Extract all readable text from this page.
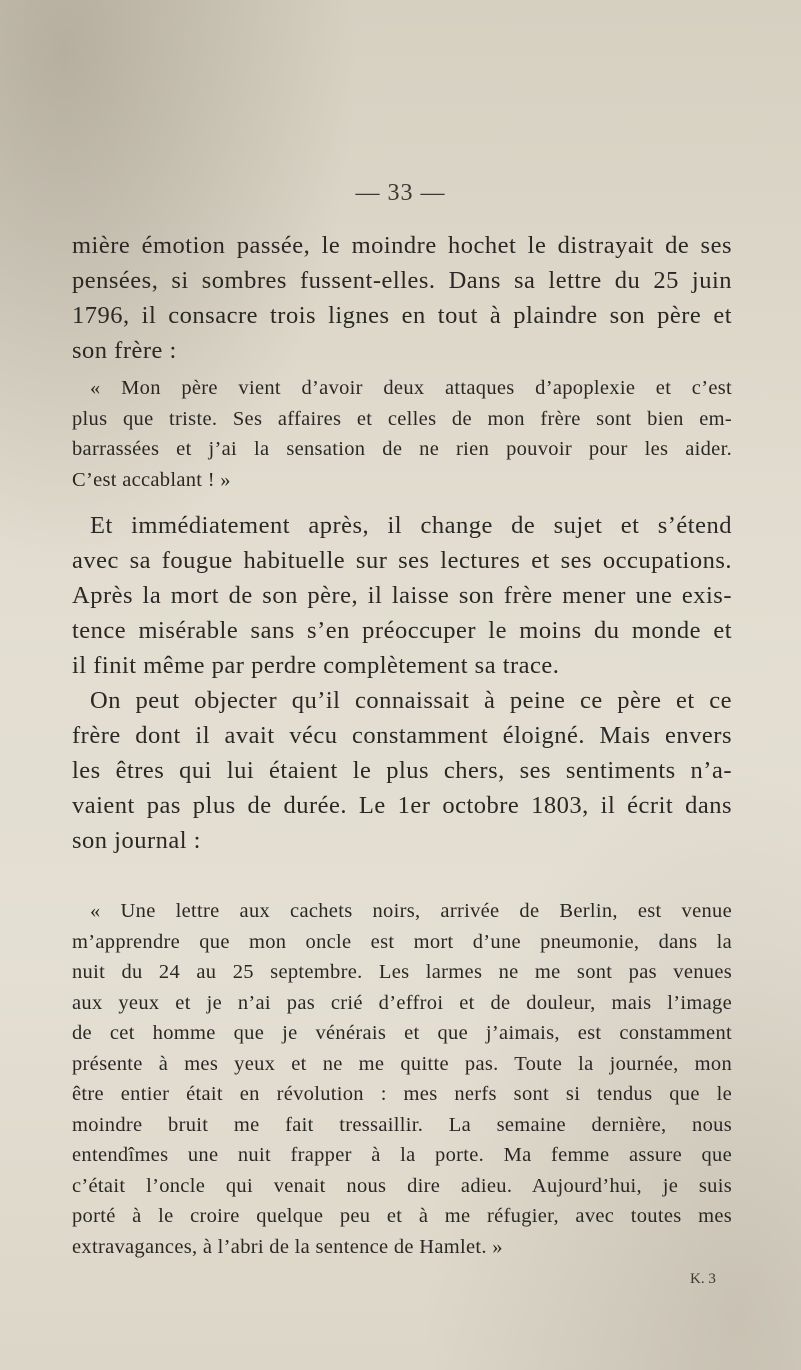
— 33 —

mière émotion passée, le moindre hochet le distrayait de ses
pensées, si sombres fussent-elles. Dans sa lettre du 25 juin
1796, il consacre trois lignes en tout à plaindre son père et
son frère :

« Mon père vient d’avoir deux attaques d’apoplexie et c’est
plus que triste. Ses affaires et celles de mon frère sont bien em-
barrassées et j’ai la sensation de ne rien pouvoir pour les aider.
C’est accablant ! »

Et immédiatement après, il change de sujet et s’étend
avec sa fougue habituelle sur ses lectures et ses occupations.
Après la mort de son père, il laisse son frère mener une exis-
tence misérable sans s’en préoccuper le moins du monde et
il finit même par perdre complètement sa trace.

On peut objecter qu’il connaissait à peine ce père et ce
frère dont il avait vécu constamment éloigné. Mais envers
les êtres qui lui étaient le plus chers, ses sentiments n’a-
vaient pas plus de durée. Le 1er octobre 1803, il écrit dans
son journal :

« Une lettre aux cachets noirs, arrivée de Berlin, est venue
m’apprendre que mon oncle est mort d’une pneumonie, dans la
nuit du 24 au 25 septembre. Les larmes ne me sont pas venues
aux yeux et je n’ai pas crié d’effroi et de douleur, mais l’image
de cet homme que je vénérais et que j’aimais, est constamment
présente à mes yeux et ne me quitte pas. Toute la journée, mon
être entier était en révolution : mes nerfs sont si tendus que le
moindre bruit me fait tressaillir. La semaine dernière, nous
entendîmes une nuit frapper à la porte. Ma femme assure que
c’était l’oncle qui venait nous dire adieu. Aujourd’hui, je suis
porté à le croire quelque peu et à me réfugier, avec toutes mes
extravagances, à l’abri de la sentence de Hamlet. »

K. 3
